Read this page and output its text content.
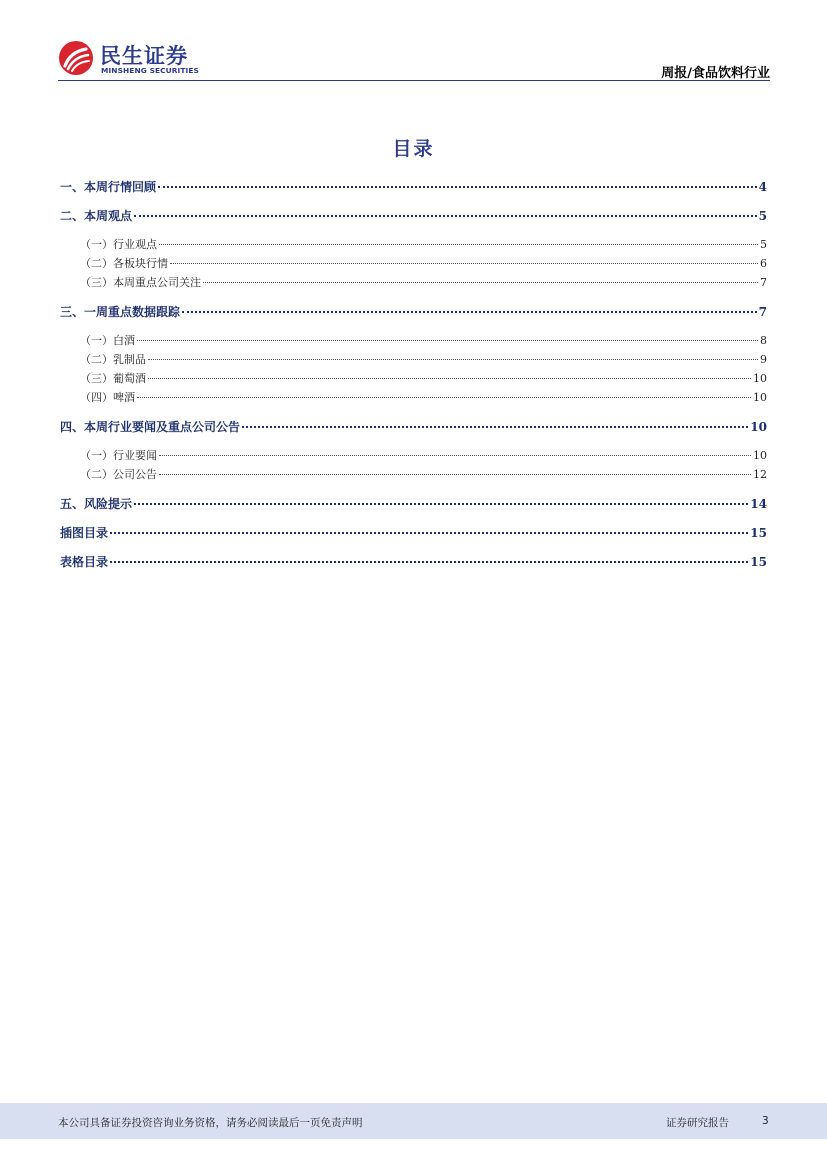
民生证券
MINSHENG SECURITIES	周报/食品饮料行业
目录
一、本周行情回顾	4
二、本周观点	5
（一）行业观点	5
（二）各板块行情	6
（三）本周重点公司关注	7
三、一周重点数据跟踪	7
（一）白酒	8
（二）乳制品	9
（三）葡萄酒	10
（四）啤酒	10
四、本周行业要闻及重点公司公告	10
（一）行业要闻	10
（二）公司公告	12
五、风险提示	14
插图目录	15
表格目录	15
本公司具备证券投资咨询业务资格，请务必阅读最后一页免责声明	证券研究报告	3
